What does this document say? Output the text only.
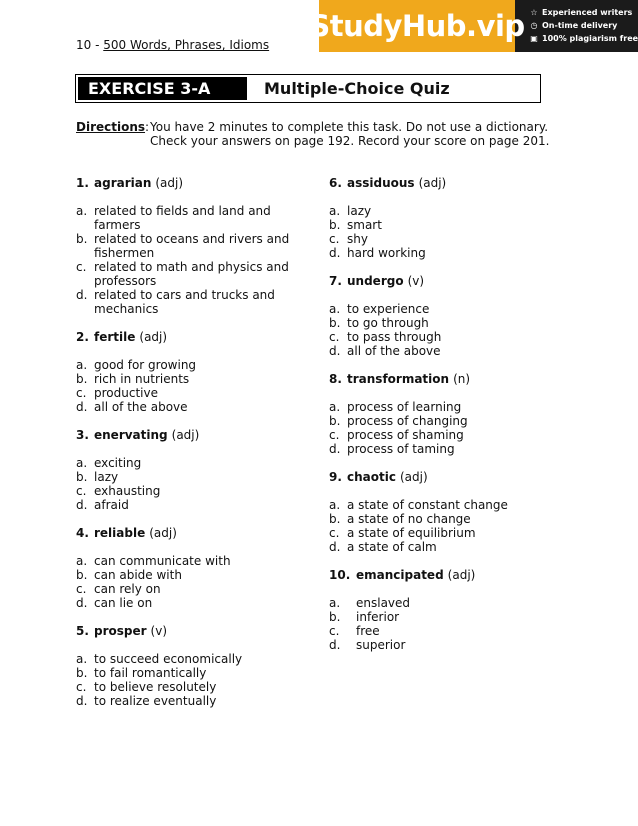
10 - 500 Words, Phrases, Idioms
StudyHub.vip ☆ Experienced writers
◷ On-time delivery
▣ 100% plagiarism free
EXERCISE 3-A	Multiple-Choice Quiz
Directions: You have 2 minutes to complete this task. Do not use a dictionary.
Check your answers on page 192. Record your score on page 201.
1. agrarian (adj)
a. related to fields and land and
farmers
b. related to oceans and rivers and
fishermen
c. related to math and physics and
professors
d. related to cars and trucks and
mechanics
2. fertile (adj)
a. good for growing
b. rich in nutrients
c. productive
d. all of the above
3. enervating (adj)
a. exciting
b. lazy
c. exhausting
d. afraid
4. reliable (adj)
a. can communicate with
b. can abide with
c. can rely on
d. can lie on
5. prosper (v)
a. to succeed economically
b. to fail romantically
c. to believe resolutely
d. to realize eventually
6. assiduous (adj)
a. lazy
b. smart
c. shy
d. hard working
7. undergo (v)
a. to experience
b. to go through
c. to pass through
d. all of the above
8. transformation (n)
a. process of learning
b. process of changing
c. process of shaming
d. process of taming
9. chaotic (adj)
a. a state of constant change
b. a state of no change
c. a state of equilibrium
d. a state of calm
10. emancipated (adj)
a.	enslaved
b.	inferior
c.	free
d.	superior
